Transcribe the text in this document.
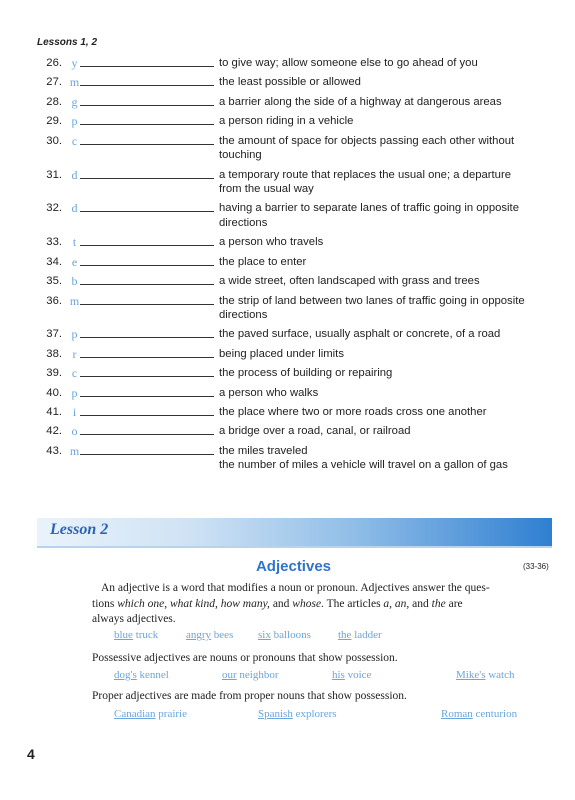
Lessons 1, 2
26. y	to give way; allow someone else to go ahead of you
27. m	the least possible or allowed
28. g	a barrier along the side of a highway at dangerous areas
29. p	a person riding in a vehicle
30. c	the amount of space for objects passing each other without
touching
31. d	a temporary route that replaces the usual one; a departure
from the usual way
32. d	having a barrier to separate lanes of traffic going in opposite
directions
33. t	a person who travels
34. e	the place to enter
35. b	a wide street, often landscaped with grass and trees
36. m	the strip of land between two lanes of traffic going in opposite
directions
37. p	the paved surface, usually asphalt or concrete, of a road
38. r	being placed under limits
39. c	the process of building or repairing
40. p	a person who walks
41. i	the place where two or more roads cross one another
42. o	a bridge over a road, canal, or railroad
43. m	the miles traveled
the number of miles a vehicle will travel on a gallon of gas
Lesson 2
Adjectives	(33-36)
An adjective is a word that modifies a noun or pronoun. Adjectives answer the ques-
tions which one, what kind, how many, and whose. The articles a, an, and the are
always adjectives.
blue truck	angry bees six balloons the ladder
Possessive adjectives are nouns or pronouns that show possession.
dog's kennel	our neighbor	his voice	Mike's watch
Proper adjectives are made from proper nouns that show possession.
Canadian prairie	Spanish explorers	Roman centurion
4
